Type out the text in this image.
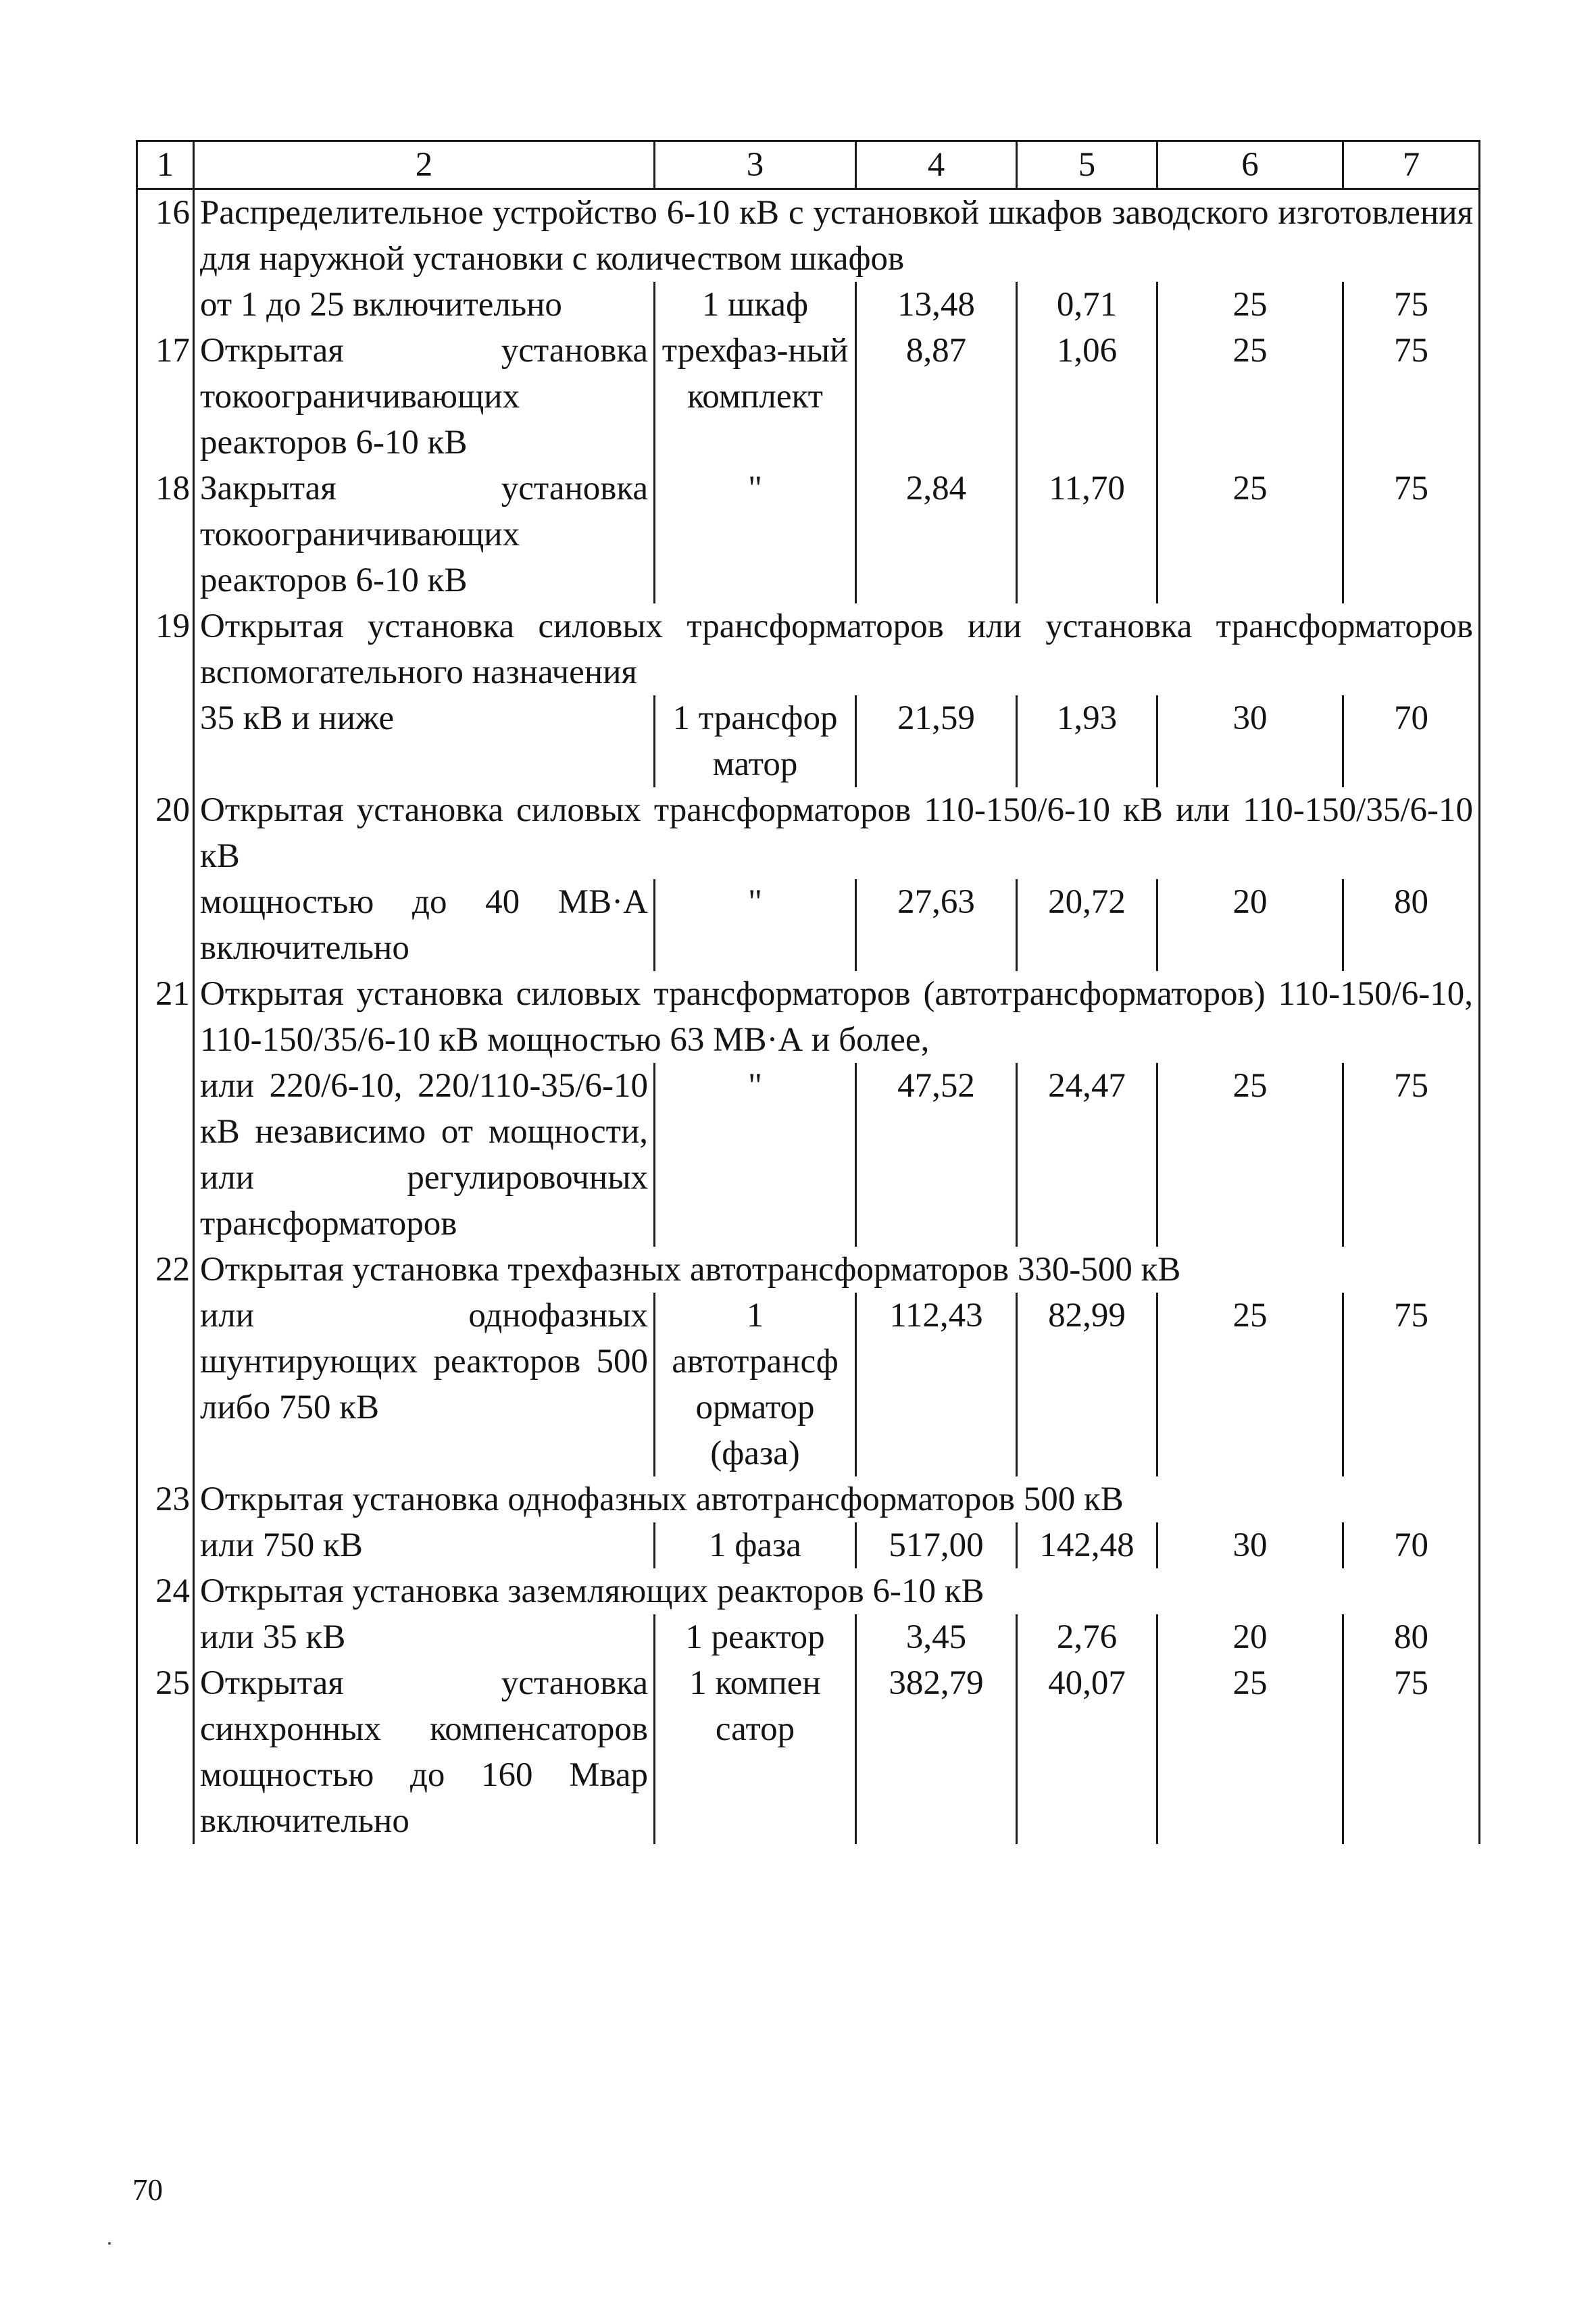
1	2	3	4	5	6	7
16	Распределительное устройство 6-10 кВ с установкой шкафов заводского изготовления для наружной установки с количеством шкафов					
	от 1 до 25 включительно	1 шкаф	13,48	0,71	25	75
17	Открытая установка токоограничивающих реакторов 6-10 кВ	трехфаз-ный комплект	8,87	1,06	25	75
18	Закрытая установка токоограничивающих реакторов 6-10 кВ	"	2,84	11,70	25	75
19	Открытая установка силовых трансформаторов или установка трансформаторов вспомогательного назначения					
	35 кВ и ниже	1 трансфор матор	21,59	1,93	30	70
20	Открытая установка силовых трансформаторов 110-150/6-10 кВ или 110-150/35/6-10 кВ					
	мощностью до 40 МВ·А включительно	"	27,63	20,72	20	80
21	Открытая установка силовых трансформаторов (автотрансформаторов) 110-150/6-10, 110-150/35/6-10 кВ мощностью 63 МВ·А и более,					
	или 220/6-10, 220/110-35/6-10 кВ независимо от мощности, или регулировочных трансформаторов	"	47,52	24,47	25	75
22	Открытая установка трехфазных автотрансформаторов 330-500 кВ					
	или однофазных шунтирующих реакторов 500 либо 750 кВ	1 автотрансф орматор (фаза)	112,43	82,99	25	75
23	Открытая установка однофазных автотрансформаторов 500 кВ					
	или 750 кВ	1 фаза	517,00	142,48	30	70
24	Открытая установка заземляющих реакторов 6-10 кВ					
	или 35 кВ	1 реактор	3,45	2,76	20	80
25	Открытая установка синхронных компенсаторов мощностью до 160 Мвар включительно	1 компен сатор	382,79	40,07	25	75
70
